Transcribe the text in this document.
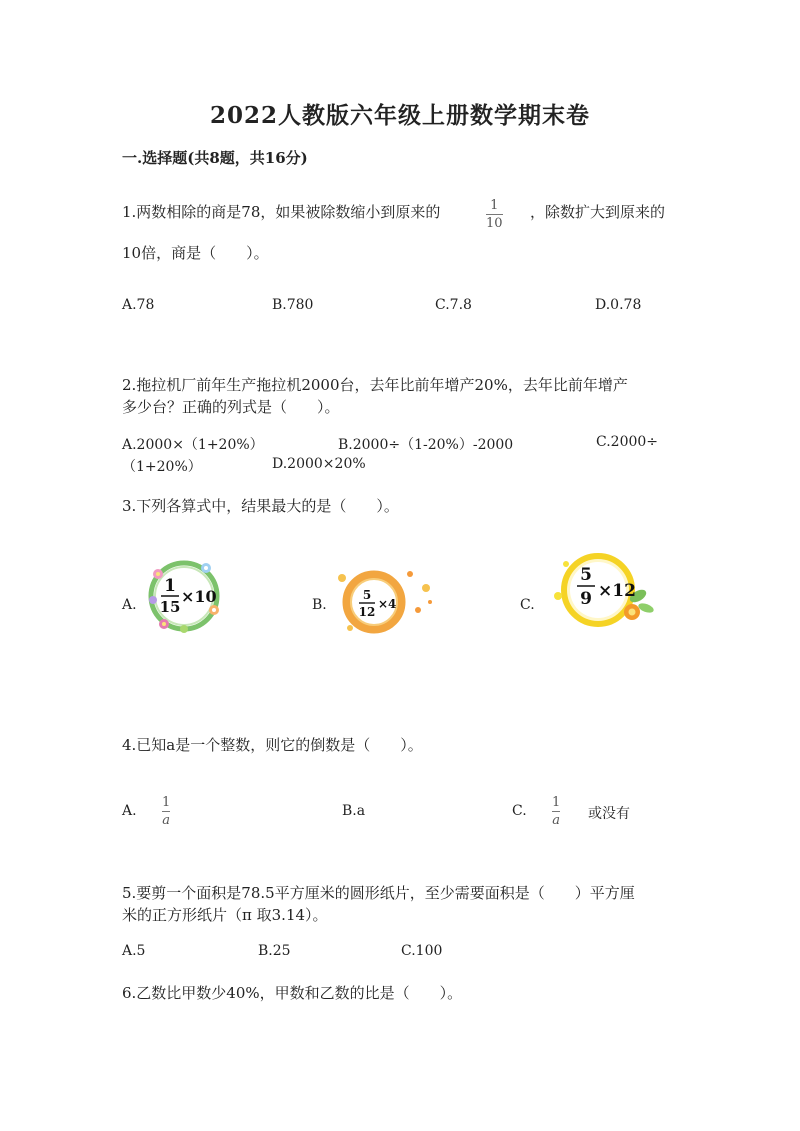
2022人教版六年级上册数学期末卷
一.选择题(共8题，共16分)
1.两数相除的商是78，如果被除数缩小到原来的	1
10
，除数扩大到原来的
10倍，商是（　　）。
A.78	B.780	C.7.8	D.0.78
2.拖拉机厂前年生产拖拉机2000台，去年比前年增产20%，去年比前年增产
多少台？正确的列式是（　　）。
A.2000×（1+20%）	B.2000÷（1-20%）-2000	C.2000÷
（1+20%）	D.2000×20%
3.下列各算式中，结果最大的是（　　）。
A.	B.	C.
1
15
×10	5
12
×4
5
9 ×12
4.已知a是一个整数，则它的倒数是（　　）。
A.
1
a
B.a	C.
1
a 或没有
5.要剪一个面积是78.5平方厘米的圆形纸片，至少需要面积是（　　）平方厘
米的正方形纸片（π 取3.14）。
A.5	B.25	C.100
6.乙数比甲数少40%，甲数和乙数的比是（　　）。
